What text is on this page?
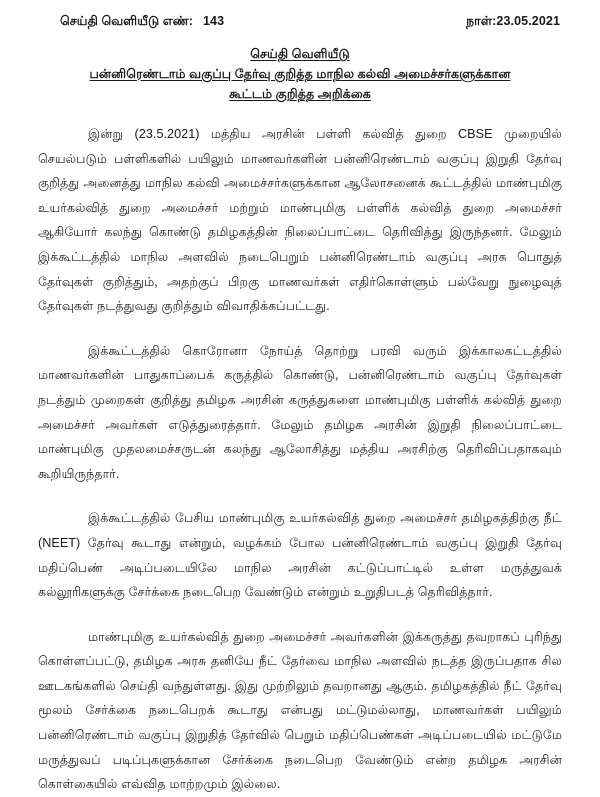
செய்தி வெளியீடு எண்: 143	நாள்:23.05.2021
செய்தி வெளியீடு
பன்னிரெண்டாம் வகுப்பு தேர்வு குறித்த மாநில கல்வி அமைச்சர்களுக்கான
கூட்டம் குறித்த அறிக்கை

இன்று (23.5.2021) மத்திய அரசின் பள்ளி கல்வித் துறை CBSE முறையில் செயல்படும் பள்ளிகளில் பயிலும் மாணவர்களின் பன்னிரெண்டாம் வகுப்பு இறுதி தேர்வு குறித்து அனைத்து மாநில கல்வி அமைச்சர்களுக்கான ஆலோசனைக் கூட்டத்தில் மாண்புமிகு உயர்கல்வித் துறை அமைச்சர் மற்றும் மாண்புமிகு பள்ளிக் கல்வித் துறை அமைச்சர் ஆகியோர் கலந்து கொண்டு தமிழகத்தின் நிலைப்பாட்டை தெரிவித்து இருந்தனர். மேலும் இக்கூட்டத்தில் மாநில அளவில் நடைபெறும் பன்னிரெண்டாம் வகுப்பு அரசு பொதுத் தேர்வுகள் குறித்தும், அதற்குப் பிறகு மாணவர்கள் எதிர்கொள்ளும் பல்வேறு நுழைவுத் தேர்வுகள் நடத்துவது குறித்தும் விவாதிக்கப்பட்டது.

இக்கூட்டத்தில் கொரோனா நோய்த் தொற்று பரவி வரும் இக்காலகட்டத்தில் மாணவர்களின் பாதுகாப்பைக் கருத்தில் கொண்டு, பன்னிரெண்டாம் வகுப்பு தேர்வுகள் நடத்தும் முறைகள் குறித்து தமிழக அரசின் கருத்துகளை மாண்புமிகு பள்ளிக் கல்வித் துறை அமைச்சர் அவர்கள் எடுத்துரைத்தார். மேலும் தமிழக அரசின் இறுதி நிலைப்பாட்டை மாண்புமிகு முதலமைச்சருடன் கலந்து ஆலோசித்து மத்திய அரசிற்கு தெரிவிப்பதாகவும் கூறியிருந்தார்.

இக்கூட்டத்தில் பேசிய மாண்புமிகு உயர்கல்வித் துறை அமைச்சர் தமிழகத்திற்கு நீட் (NEET) தேர்வு கூடாது என்றும், வழக்கம் போல பன்னிரெண்டாம் வகுப்பு இறுதி தேர்வு மதிப்பெண் அடிப்படையிலே மாநில அரசின் கட்டுப்பாட்டில் உள்ள மருத்துவக் கல்லூரிகளுக்கு சேர்க்கை நடைபெற வேண்டும் என்றும் உறுதிபடத் தெரிவித்தார்.

மாண்புமிகு உயர்கல்வித் துறை அமைச்சர் அவர்களின் இக்கருத்து தவறாகப் புரிந்து கொள்ளப்பட்டு, தமிழக அரசு தனியே நீட் தேர்வை மாநில அளவில் நடத்த இருப்பதாக சில ஊடகங்களில் செய்தி வந்துள்ளது. இது முற்றிலும் தவறானது ஆகும். தமிழகத்தில் நீட் தேர்வு மூலம் சேர்க்கை நடைபெறக் கூடாது என்பது மட்டுமல்லாது, மாணவர்கள் பயிலும் பன்னிரெண்டாம் வகுப்பு இறுதித் தேர்வில் பெறும் மதிப்பெண்கள் அடிப்படையில் மட்டுமே மருத்துவப் படிப்புகளுக்கான சேர்க்கை நடைபெற வேண்டும் என்ற தமிழக அரசின் கொள்கையில் எவ்வித மாற்றமும் இல்லை.
